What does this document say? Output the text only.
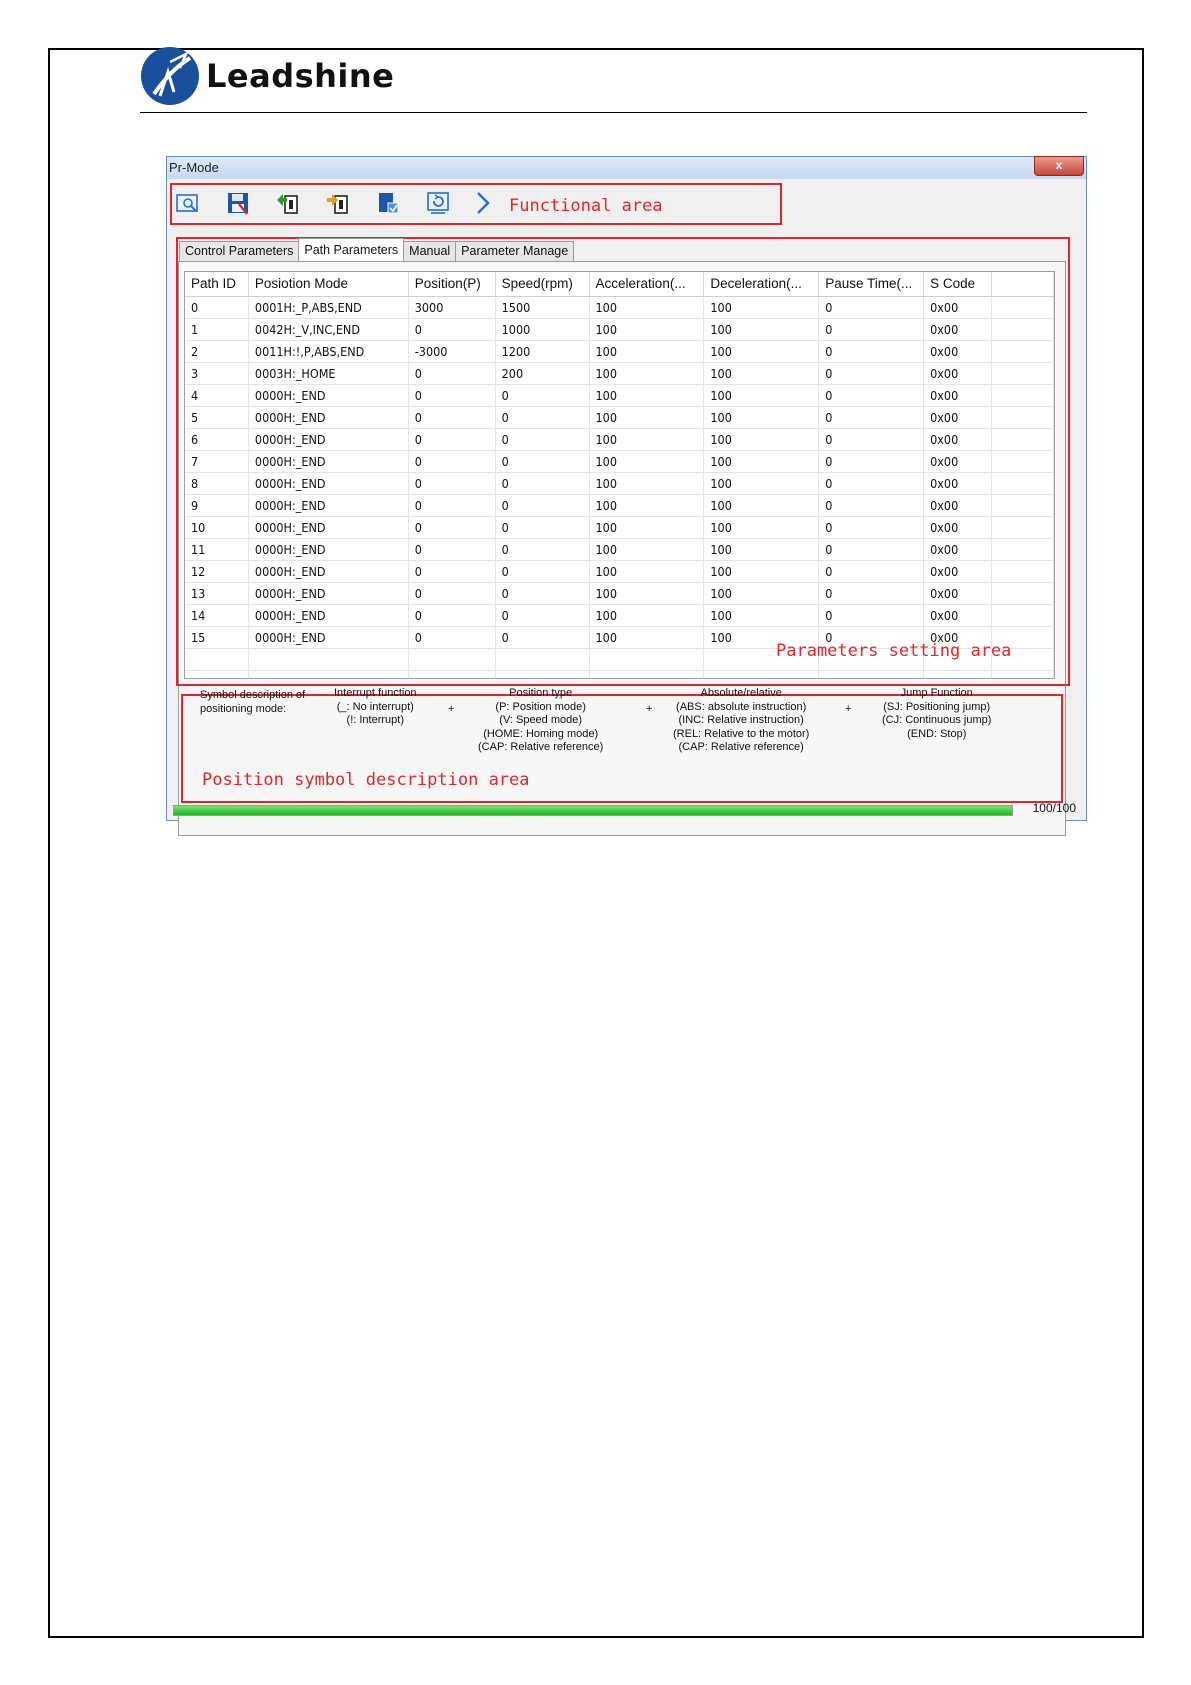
Leadshine
Pr-Mode	x
Functional area
Control Parameters Path Parameters Manual Parameter Manage
Symbol description of
positioning mode:
Interrupt function
(_: No interrupt)
(!: Interrupt)
+
Position type
(P: Position mode)
(V: Speed mode)
(HOME: Homing mode)
(CAP: Relative reference)
+
Absolute/relative
(ABS: absolute instruction)
(INC: Relative instruction)
(REL: Relative to the motor)
(CAP: Relative reference)
+
Jump Function
(SJ: Positioning jump)
(CJ: Continuous jump)
(END: Stop)
Position symbol description area
100/100
Path ID	Posiotion Mode	Position(P)	Speed(rpm)	Acceleration(...	Deceleration(...	Pause Time(...	S Code
0	0001H:_P,ABS,END	3000	1500	100	100	0	0x00
1	0042H:_V,INC,END	0	1000	100	100	0	0x00
2	0011H:!,P,ABS,END	-3000	1200	100	100	0	0x00
3	0003H:_HOME	0	200	100	100	0	0x00
4	0000H:_END	0	0	100	100	0	0x00
5	0000H:_END	0	0	100	100	0	0x00
6	0000H:_END	0	0	100	100	0	0x00
7	0000H:_END	0	0	100	100	0	0x00
8	0000H:_END	0	0	100	100	0	0x00
9	0000H:_END	0	0	100	100	0	0x00
10	0000H:_END	0	0	100	100	0	0x00
11	0000H:_END	0	0	100	100	0	0x00
12	0000H:_END	0	0	100	100	0	0x00
13	0000H:_END	0	0	100	100	0	0x00
14	0000H:_END	0	0	100	100	0	0x00
15	0000H:_END	0	0	100	100	0	0x00
Parameters setting area
